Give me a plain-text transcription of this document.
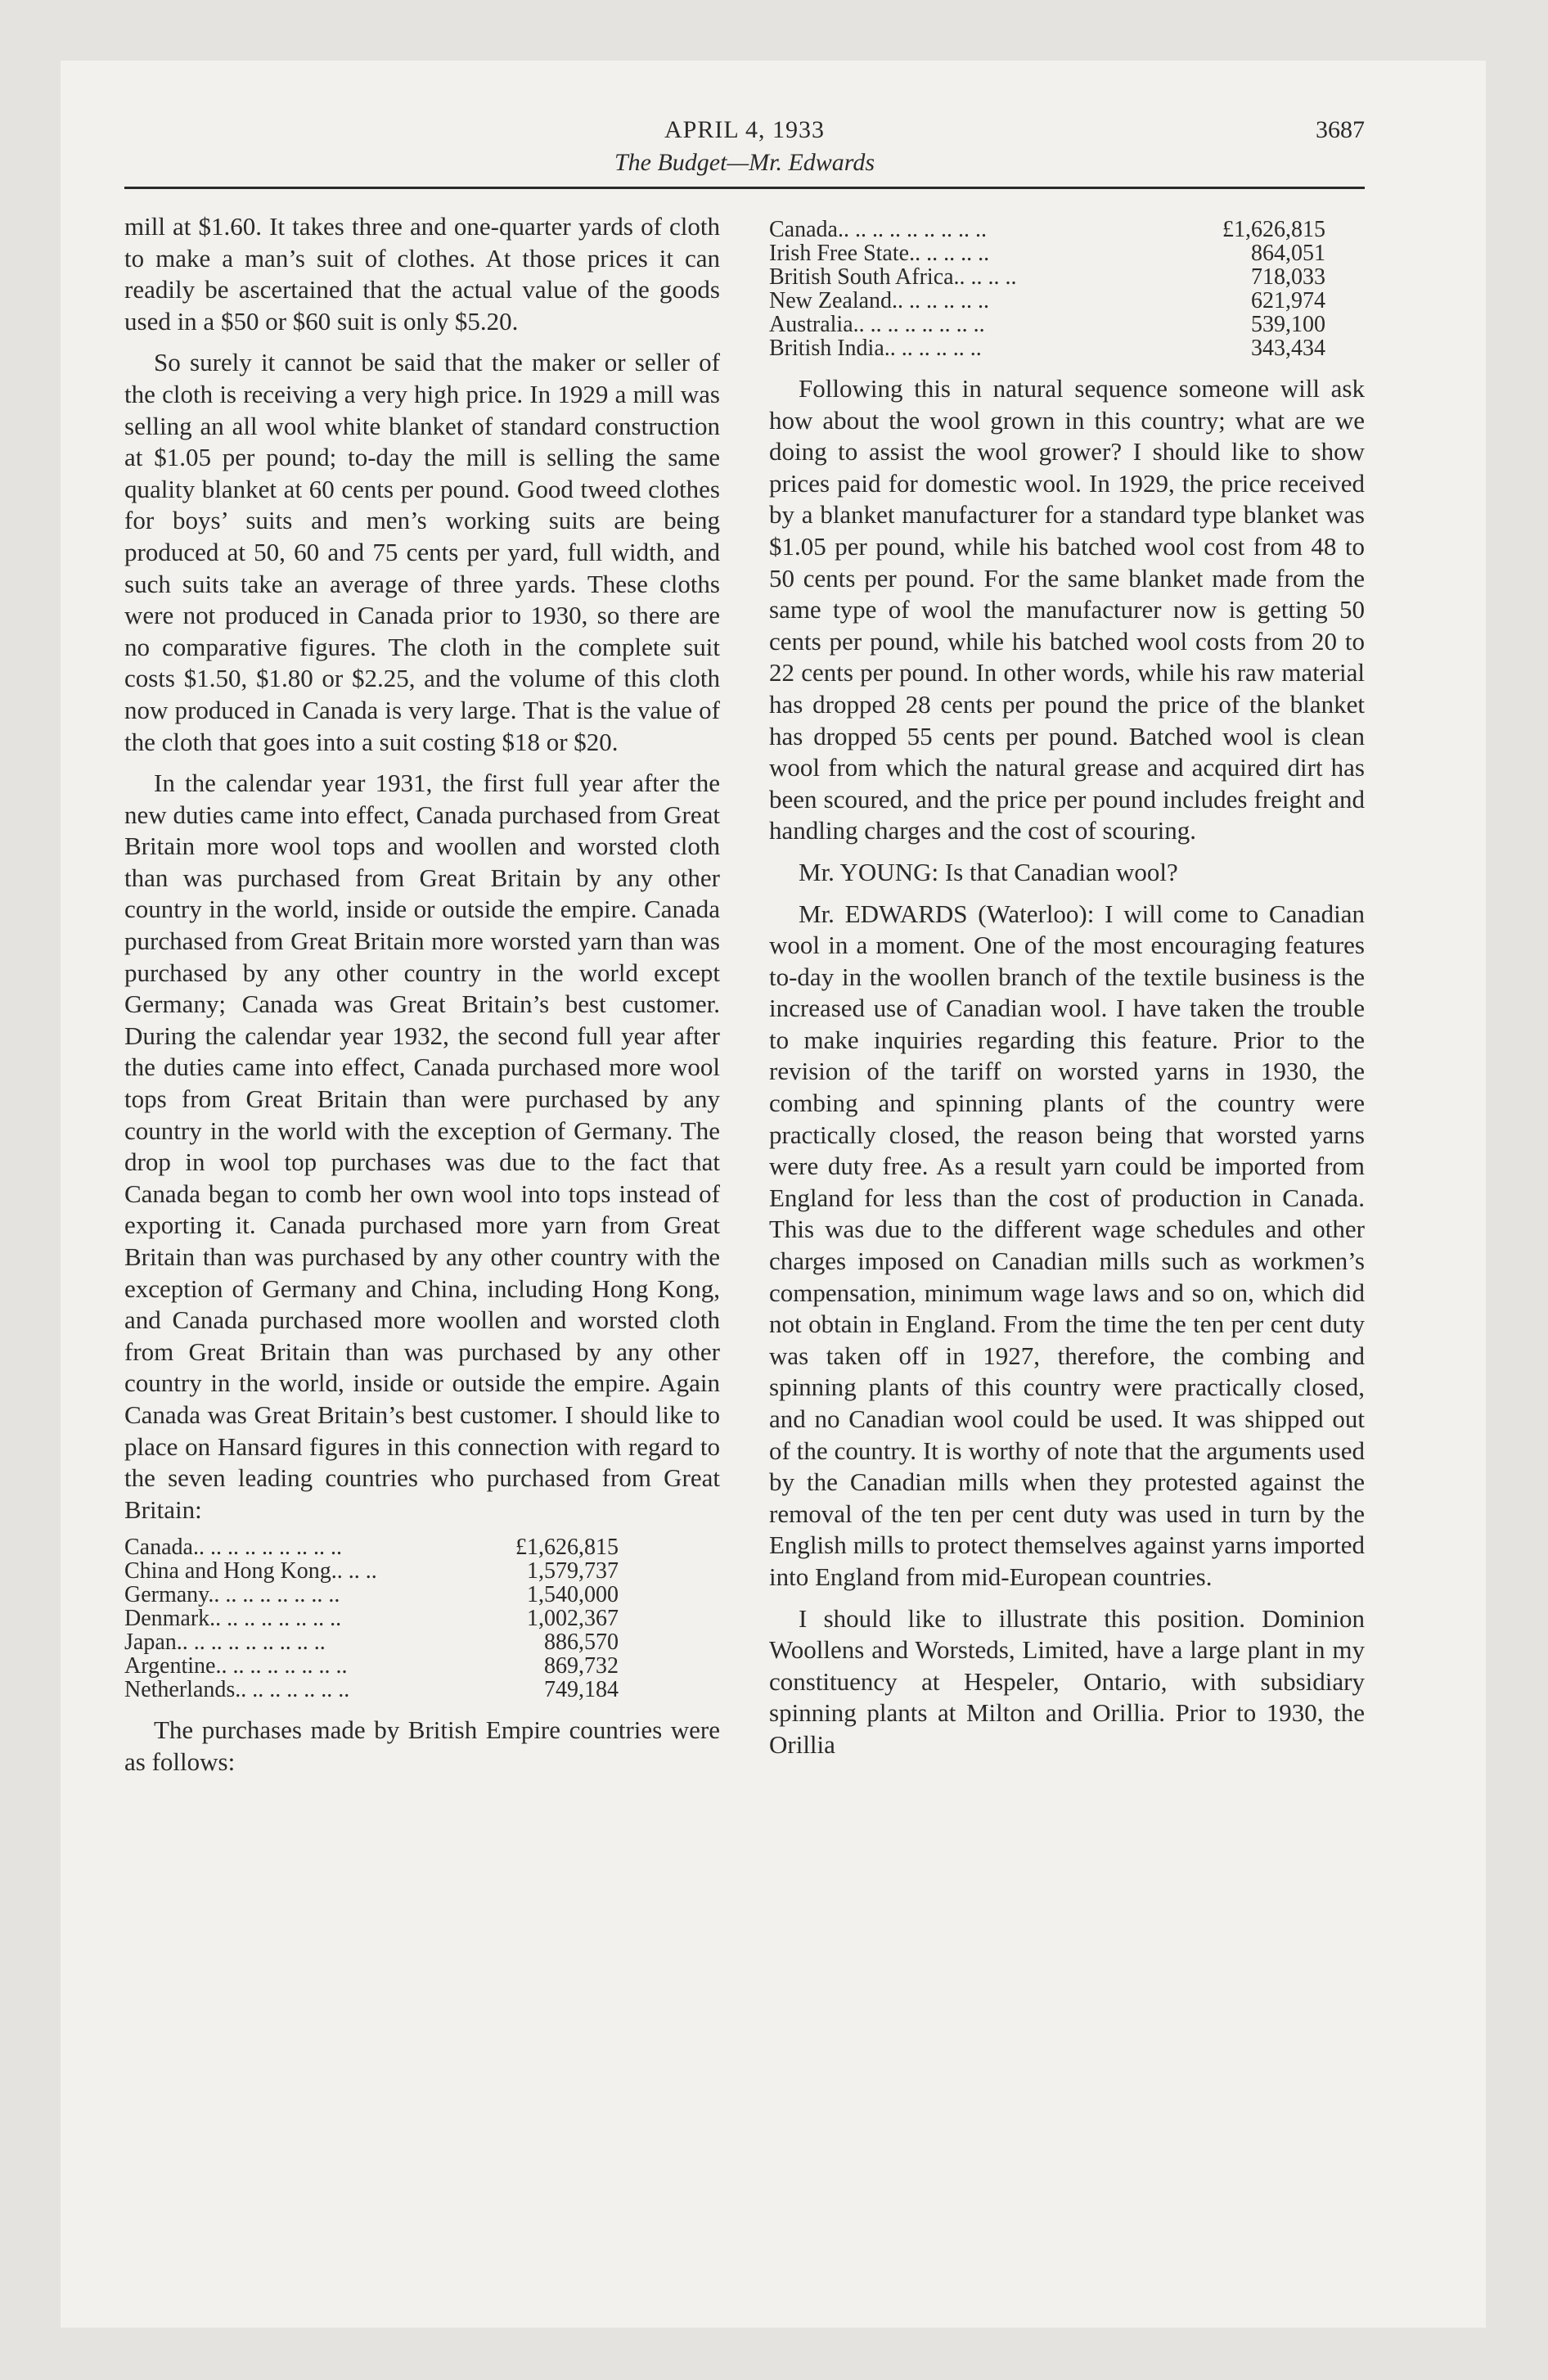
APRIL 4, 1933	3687
The Budget—Mr. Edwards

mill at $1.60. It takes three and one-quarter yards of cloth to make a man’s suit of clothes. At those prices it can readily be ascertained that the actual value of the goods used in a $50 or $60 suit is only $5.20.

So surely it cannot be said that the maker or seller of the cloth is receiving a very high price. In 1929 a mill was selling an all wool white blanket of standard construction at $1.05 per pound; to-day the mill is selling the same quality blanket at 60 cents per pound. Good tweed clothes for boys’ suits and men’s working suits are being produced at 50, 60 and 75 cents per yard, full width, and such suits take an average of three yards. These cloths were not produced in Canada prior to 1930, so there are no comparative figures. The cloth in the complete suit costs $1.50, $1.80 or $2.25, and the volume of this cloth now produced in Canada is very large. That is the value of the cloth that goes into a suit costing $18 or $20.

In the calendar year 1931, the first full year after the new duties came into effect, Canada purchased from Great Britain more wool tops and woollen and worsted cloth than was purchased from Great Britain by any other country in the world, inside or outside the empire. Canada purchased from Great Britain more worsted yarn than was purchased by any other country in the world except Germany; Canada was Great Britain’s best customer. During the calendar year 1932, the second full year after the duties came into effect, Canada purchased more wool tops from Great Britain than were purchased by any country in the world with the exception of Germany. The drop in wool top purchases was due to the fact that Canada began to comb her own wool into tops instead of exporting it. Canada purchased more yarn from Great Britain than was purchased by any other country with the exception of Germany and China, including Hong Kong, and Canada purchased more woollen and worsted cloth from Great Britain than was purchased by any other country in the world, inside or outside the empire. Again Canada was Great Britain’s best customer. I should like to place on Hansard figures in this connection with regard to the seven leading countries who purchased from Great Britain:

Canada.. .. .. .. .. .. .. .. ..	£1,626,815
China and Hong Kong.. .. ..	1,579,737
Germany.. .. .. .. .. .. .. ..	1,540,000
Denmark.. .. .. .. .. .. .. ..	1,002,367
Japan.. .. .. .. .. .. .. .. ..	886,570
Argentine.. .. .. .. .. .. .. ..	869,732
Netherlands.. .. .. .. .. .. ..	749,184

The purchases made by British Empire countries were as follows:

Canada.. .. .. .. .. .. .. .. ..	£1,626,815
Irish Free State.. .. .. .. ..	864,051
British South Africa.. .. .. ..	718,033
New Zealand.. .. .. .. .. ..	621,974
Australia.. .. .. .. .. .. .. ..	539,100
British India.. .. .. .. .. ..	343,434

Following this in natural sequence someone will ask how about the wool grown in this country; what are we doing to assist the wool grower? I should like to show prices paid for domestic wool. In 1929, the price received by a blanket manufacturer for a standard type blanket was $1.05 per pound, while his batched wool cost from 48 to 50 cents per pound. For the same blanket made from the same type of wool the manufacturer now is getting 50 cents per pound, while his batched wool costs from 20 to 22 cents per pound. In other words, while his raw material has dropped 28 cents per pound the price of the blanket has dropped 55 cents per pound. Batched wool is clean wool from which the natural grease and acquired dirt has been scoured, and the price per pound includes freight and handling charges and the cost of scouring.

Mr. YOUNG: Is that Canadian wool?

Mr. EDWARDS (Waterloo): I will come to Canadian wool in a moment. One of the most encouraging features to-day in the woollen branch of the textile business is the increased use of Canadian wool. I have taken the trouble to make inquiries regarding this feature. Prior to the revision of the tariff on worsted yarns in 1930, the combing and spinning plants of the country were practically closed, the reason being that worsted yarns were duty free. As a result yarn could be imported from England for less than the cost of production in Canada. This was due to the different wage schedules and other charges imposed on Canadian mills such as workmen’s compensation, minimum wage laws and so on, which did not obtain in England. From the time the ten per cent duty was taken off in 1927, therefore, the combing and spinning plants of this country were practically closed, and no Canadian wool could be used. It was shipped out of the country. It is worthy of note that the arguments used by the Canadian mills when they protested against the removal of the ten per cent duty was used in turn by the English mills to protect themselves against yarns imported into England from mid-European countries.

I should like to illustrate this position. Dominion Woollens and Worsteds, Limited, have a large plant in my constituency at Hespeler, Ontario, with subsidiary spinning plants at Milton and Orillia. Prior to 1930, the Orillia
